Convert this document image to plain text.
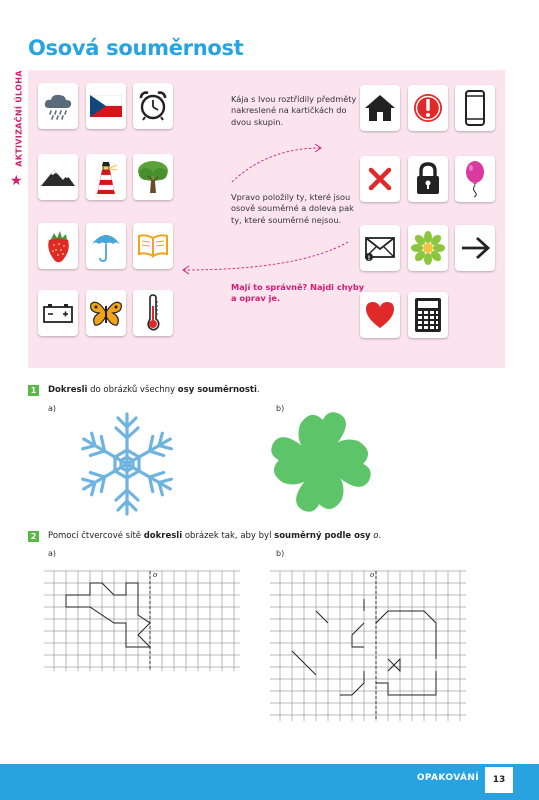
Osová souměrnost
AKTIVIZAČNÍ ÚLOHA
★
!
Kája s Ivou roztřídily předměty nakreslené na kartičkách do dvou skupin.
Vpravo položily ty, které jsou osově souměrné a doleva pak ty, které souměrné nejsou.
Mají to správně? Najdi chyby a oprav je.
1	Dokresli do obrázků všechny osy souměrnosti.
a)	b)
2	Pomocí čtvercové sítě dokresli obrázek tak, aby byl souměrný podle osy o.
a)	b)
o	o
OPAKOVÁNÍ	13
